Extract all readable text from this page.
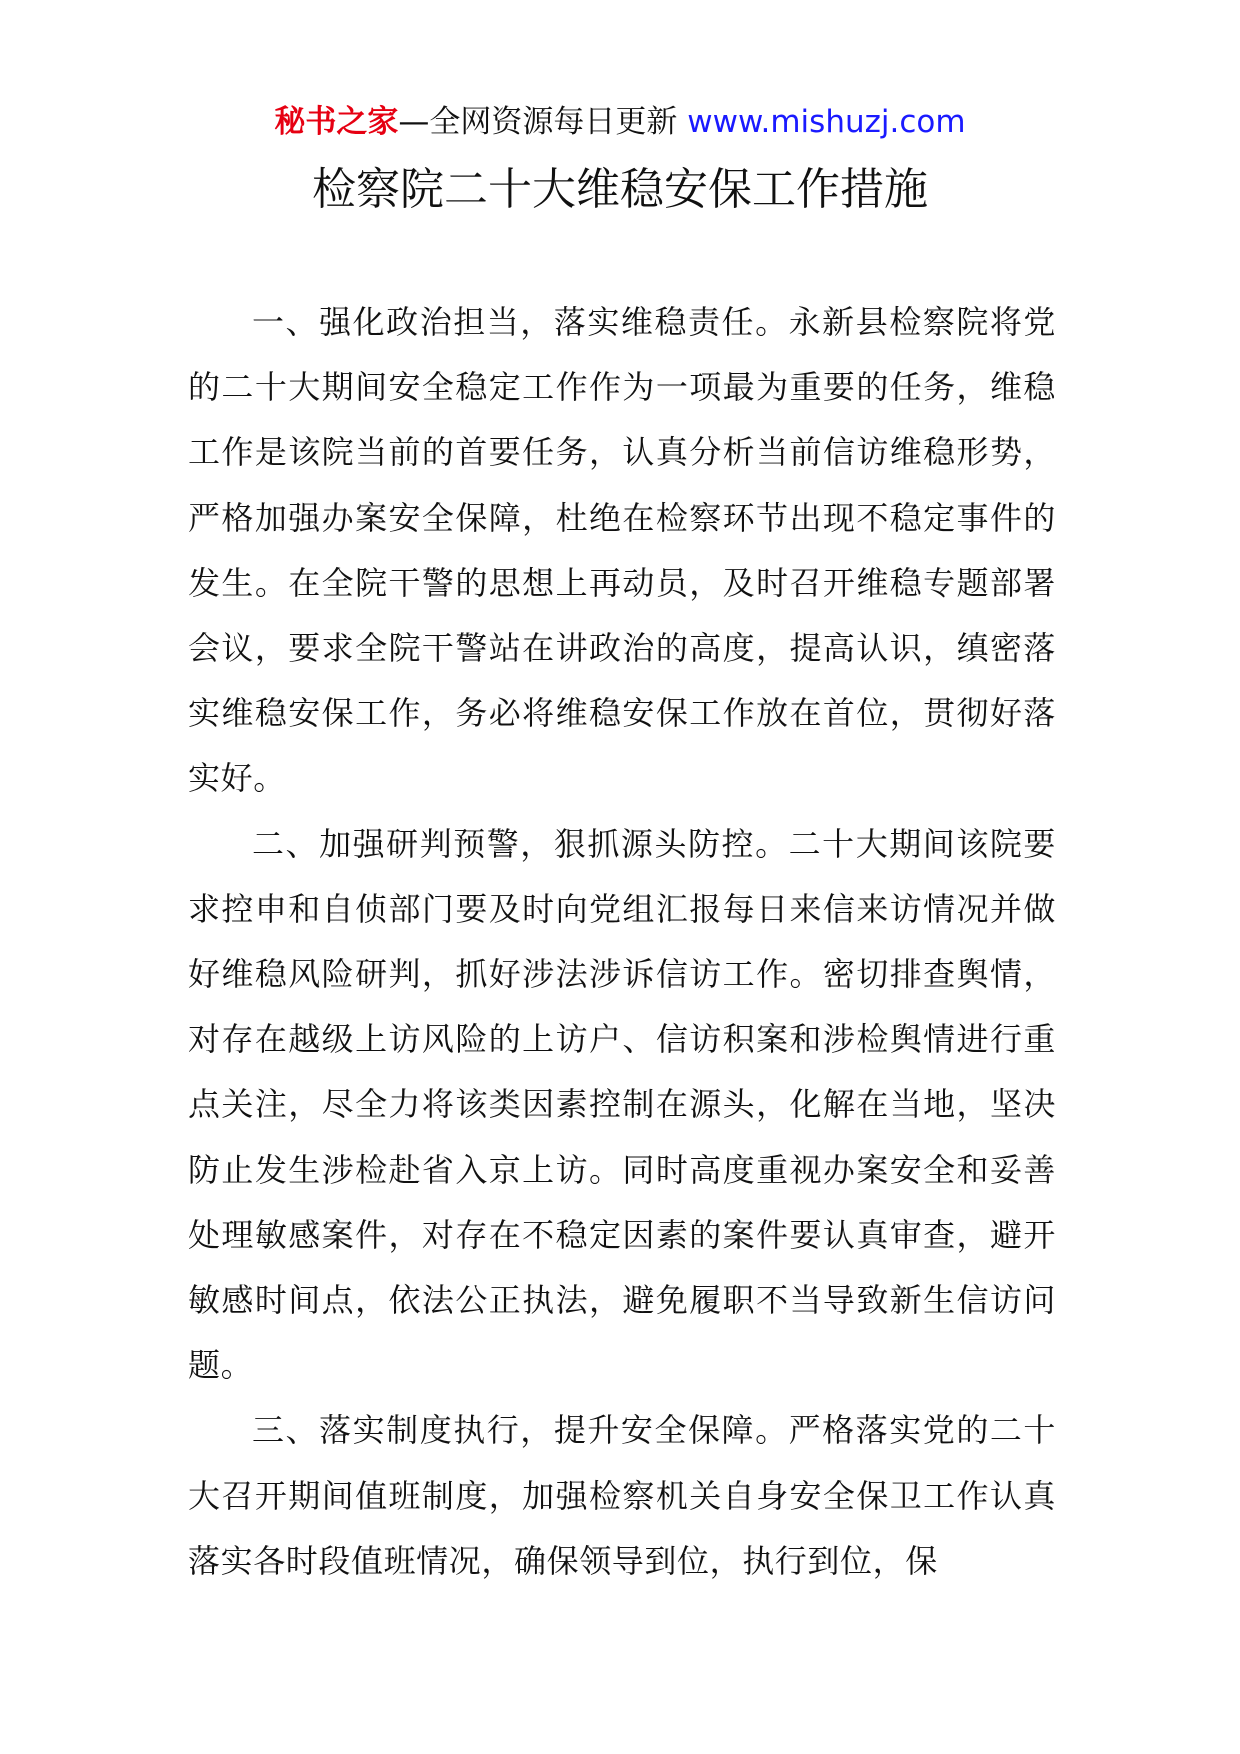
秘书之家—全网资源每日更新 www.mishuzj.com
检察院二十大维稳安保工作措施

一、强化政治担当，落实维稳责任。永新县检察院将党的二十大期间安全稳定工作作为一项最为重要的任务，维稳工作是该院当前的首要任务，认真分析当前信访维稳形势，严格加强办案安全保障，杜绝在检察环节出现不稳定事件的发生。在全院干警的思想上再动员，及时召开维稳专题部署会议，要求全院干警站在讲政治的高度，提高认识，缜密落实维稳安保工作，务必将维稳安保工作放在首位，贯彻好落实好。

二、加强研判预警，狠抓源头防控。二十大期间该院要求控申和自侦部门要及时向党组汇报每日来信来访情况并做好维稳风险研判，抓好涉法涉诉信访工作。密切排查舆情，对存在越级上访风险的上访户、信访积案和涉检舆情进行重点关注，尽全力将该类因素控制在源头，化解在当地，坚决防止发生涉检赴省入京上访。同时高度重视办案安全和妥善处理敏感案件，对存在不稳定因素的案件要认真审查，避开敏感时间点，依法公正执法，避免履职不当导致新生信访问题。

三、落实制度执行，提升安全保障。严格落实党的二十大召开期间值班制度，加强检察机关自身安全保卫工作认真落实各时段值班情况，确保领导到位，执行到位，保
